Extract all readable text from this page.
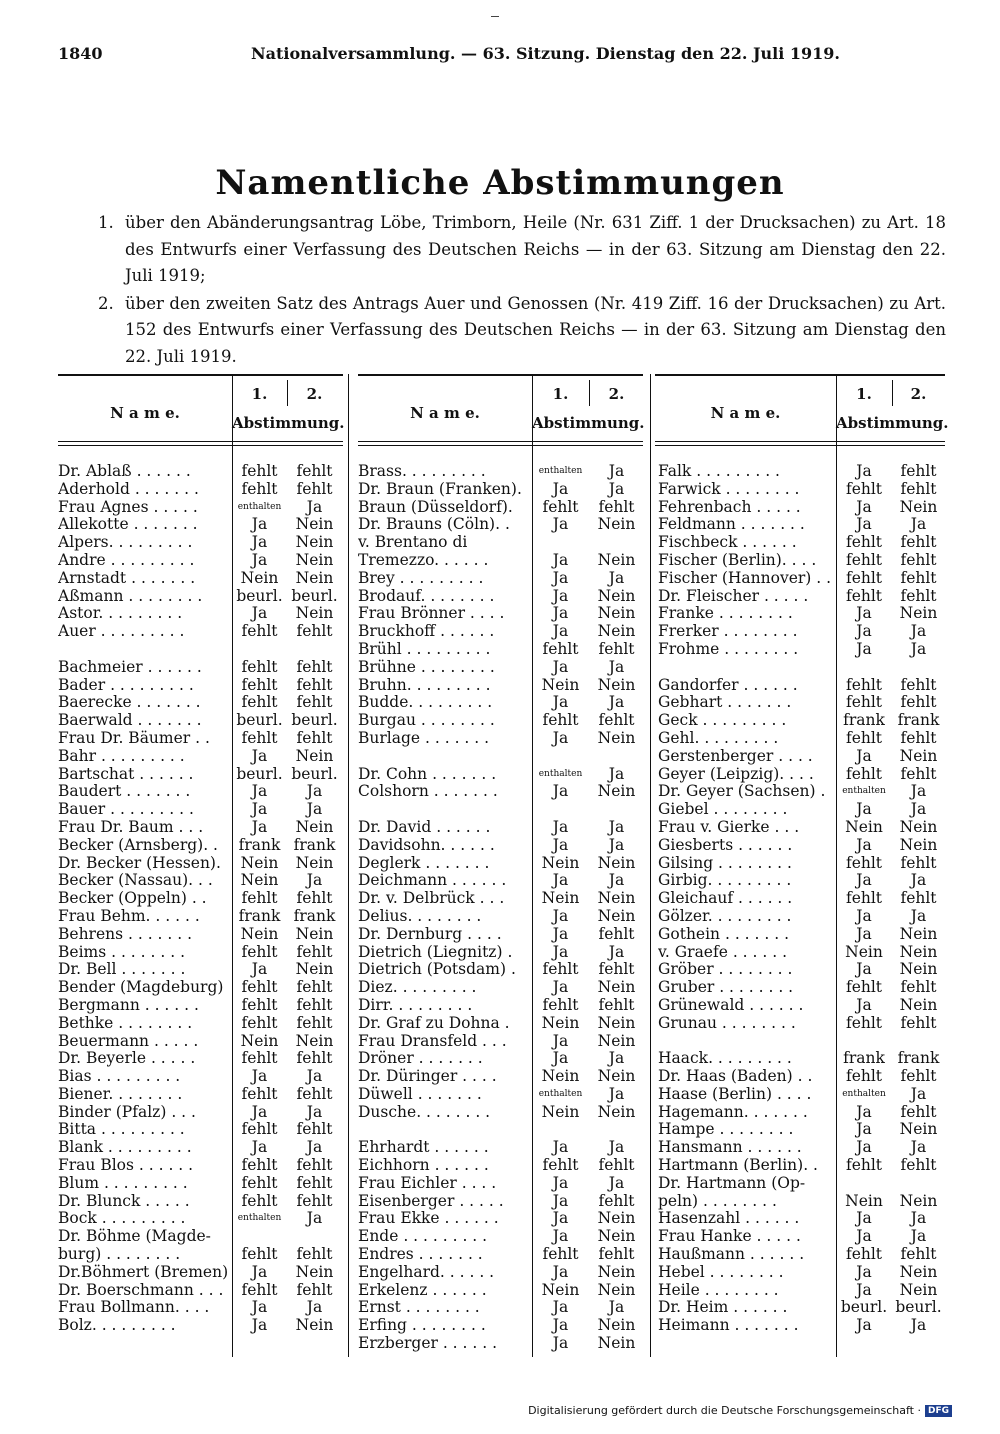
1840	Nationalversammlung. — 63. Sitzung. Dienstag den 22. Juli 1919.
Namentliche Abstimmungen
1. über den Abänderungsantrag Löbe, Trimborn, Heile (Nr. 631 Ziff. 1 der Drucksachen) zu Art. 18 des Entwurfs einer Verfassung des Deutschen Reichs — in der 63. Sitzung am Dienstag den 22. Juli 1919;
2. über den zweiten Satz des Antrags Auer und Genossen (Nr. 419 Ziff. 16 der Drucksachen) zu Art. 152 des Entwurfs einer Verfassung des Deutschen Reichs — in der 63. Sitzung am Dienstag den 22. Juli 1919.
N a m e.
1.	2.
Abstimmung.
N a m e.
1.	2.
Abstimmung.
N a m e.
1.	2.
Abstimmung.
Dr. Ablaß . . . . . .	fehlt	fehlt
Aderhold . . . . . . .	fehlt	fehlt
Frau Agnes . . . . .	enthalten	Ja
Allekotte . . . . . . .	Ja	Nein
Alpers. . . . . . . . .	Ja	Nein
Andre . . . . . . . . .	Ja	Nein
Arnstadt . . . . . . .	Nein	Nein
Aßmann . . . . . . . .	beurl. beurl.
Astor. . . . . . . . .	Ja	Nein
Auer . . . . . . . . .	fehlt	fehlt
Bachmeier . . . . . .	fehlt	fehlt
Bader . . . . . . . . .	fehlt	fehlt
Baerecke . . . . . . .	fehlt	fehlt
Baerwald . . . . . . .	beurl. beurl.
Frau Dr. Bäumer . .	fehlt	fehlt
Bahr . . . . . . . . .	Ja	Nein
Bartschat . . . . . .	beurl. beurl.
Baudert . . . . . . .	Ja	Ja
Bauer . . . . . . . . .	Ja	Ja
Frau Dr. Baum . . .	Ja	Nein
Becker (Arnsberg). .	frank frank
Dr. Becker (Hessen).	Nein	Nein
Becker (Nassau). . .	Nein	Ja
Becker (Oppeln) . .	fehlt	fehlt
Frau Behm. . . . . .	frank frank
Behrens . . . . . . .	Nein	Nein
Beims . . . . . . . .	fehlt	fehlt
Dr. Bell . . . . . . .	Ja	Nein
Bender (Magdeburg)	fehlt	fehlt
Bergmann . . . . . .	fehlt	fehlt
Bethke . . . . . . . .	fehlt	fehlt
Beuermann . . . . .	Nein	Nein
Dr. Beyerle . . . . .	fehlt	fehlt
Bias . . . . . . . . .	Ja	Ja
Biener. . . . . . . .	fehlt	fehlt
Binder (Pfalz) . . .	Ja	Ja
Bitta . . . . . . . . .	fehlt	fehlt
Blank . . . . . . . . .	Ja	Ja
Frau Blos . . . . . .	fehlt	fehlt
Blum . . . . . . . . .	fehlt	fehlt
Dr. Blunck . . . . .	fehlt	fehlt
Bock . . . . . . . . .	enthalten	Ja
Dr. Böhme (Magde-
burg) . . . . . . . .	fehlt	fehlt
Dr.Böhmert (Bremen)	Ja	Nein
Dr. Boerschmann . . .	fehlt	fehlt
Frau Bollmann. . . .	Ja	Ja
Bolz. . . . . . . . .	Ja	Nein
Brass. . . . . . . . .	enthalten	Ja
Dr. Braun (Franken).	Ja	Ja
Braun (Düsseldorf).	fehlt	fehlt
Dr. Brauns (Cöln). .	Ja	Nein
v. Brentano di
Tremezzo. . . . . .	Ja	Nein
Brey . . . . . . . . .	Ja	Ja
Brodauf. . . . . . . .	Ja	Nein
Frau Brönner . . . .	Ja	Nein
Bruckhoff . . . . . .	Ja	Nein
Brühl . . . . . . . . .	fehlt	fehlt
Brühne . . . . . . . .	Ja	Ja
Bruhn. . . . . . . . .	Nein	Nein
Budde. . . . . . . . .	Ja	Ja
Burgau . . . . . . . .	fehlt	fehlt
Burlage . . . . . . .	Ja	Nein
Dr. Cohn . . . . . . .	enthalten	Ja
Colshorn . . . . . . .	Ja	Nein
Dr. David . . . . . .	Ja	Ja
Davidsohn. . . . . .	Ja	Ja
Deglerk . . . . . . .	Nein	Nein
Deichmann . . . . . .	Ja	Ja
Dr. v. Delbrück . . .	Nein	Nein
Delius. . . . . . . .	Ja	Nein
Dr. Dernburg . . . .	Ja	fehlt
Dietrich (Liegnitz) .	Ja	Ja
Dietrich (Potsdam) .	fehlt	fehlt
Diez. . . . . . . . .	Ja	Nein
Dirr. . . . . . . . .	fehlt	fehlt
Dr. Graf zu Dohna .	Nein	Nein
Frau Dransfeld . . .	Ja	Nein
Dröner . . . . . . .	Ja	Ja
Dr. Düringer . . . .	Nein	Nein
Düwell . . . . . . .	enthalten	Ja
Dusche. . . . . . . .	Nein	Nein
Ehrhardt . . . . . .	Ja	Ja
Eichhorn . . . . . .	fehlt	fehlt
Frau Eichler . . . .	Ja	Ja
Eisenberger . . . . .	Ja	fehlt
Frau Ekke . . . . . .	Ja	Nein
Ende . . . . . . . . .	Ja	Nein
Endres . . . . . . .	fehlt	fehlt
Engelhard. . . . . .	Ja	Nein
Erkelenz . . . . . .	Nein	Nein
Ernst . . . . . . . .	Ja	Ja
Erfing . . . . . . . .	Ja	Nein
Erzberger . . . . . .	Ja	Nein
Falk . . . . . . . . .	Ja	fehlt
Farwick . . . . . . . .	fehlt	fehlt
Fehrenbach . . . . .	Ja	Nein
Feldmann . . . . . . .	Ja	Ja
Fischbeck . . . . . .	fehlt	fehlt
Fischer (Berlin). . . .	fehlt	fehlt
Fischer (Hannover) . . fehlt	fehlt
Dr. Fleischer . . . . .	fehlt	fehlt
Franke . . . . . . . .	Ja	Nein
Frerker . . . . . . . .	Ja	Ja
Frohme . . . . . . . .	Ja	Ja
Gandorfer . . . . . .	fehlt	fehlt
Gebhart . . . . . . .	fehlt	fehlt
Geck . . . . . . . . .	frank frank
Gehl. . . . . . . . .	fehlt	fehlt
Gerstenberger . . . .	Ja	Nein
Geyer (Leipzig). . . .	fehlt	fehlt
Dr. Geyer (Sachsen) .	enthalten	Ja
Giebel . . . . . . . .	Ja	Ja
Frau v. Gierke . . .	Nein	Nein
Giesberts . . . . . .	Ja	Nein
Gilsing . . . . . . . .	fehlt	fehlt
Girbig. . . . . . . . .	Ja	Ja
Gleichauf . . . . . .	fehlt	fehlt
Gölzer. . . . . . . . .	Ja	Ja
Gothein . . . . . . .	Ja	Nein
v. Graefe . . . . . .	Nein	Nein
Gröber . . . . . . . .	Ja	Nein
Gruber . . . . . . . .	fehlt	fehlt
Grünewald . . . . . .	Ja	Nein
Grunau . . . . . . . .	fehlt	fehlt
Haack. . . . . . . . .	frank frank
Dr. Haas (Baden) . .	fehlt	fehlt
Haase (Berlin) . . . .	enthalten	Ja
Hagemann. . . . . . .	Ja	fehlt
Hampe . . . . . . . .	Ja	Nein
Hansmann . . . . . .	Ja	Ja
Hartmann (Berlin). .	fehlt	fehlt
Dr. Hartmann (Op-
peln) . . . . . . . .	Nein	Nein
Hasenzahl . . . . . .	Ja	Ja
Frau Hanke . . . . .	Ja	Ja
Haußmann . . . . . .	fehlt	fehlt
Hebel . . . . . . . .	Ja	Nein
Heile . . . . . . . .	Ja	Nein
Dr. Heim . . . . . .	beurl. beurl.
Heimann . . . . . . .	Ja	Ja
Digitalisierung gefördert durch die Deutsche Forschungsgemeinschaft · DFG
